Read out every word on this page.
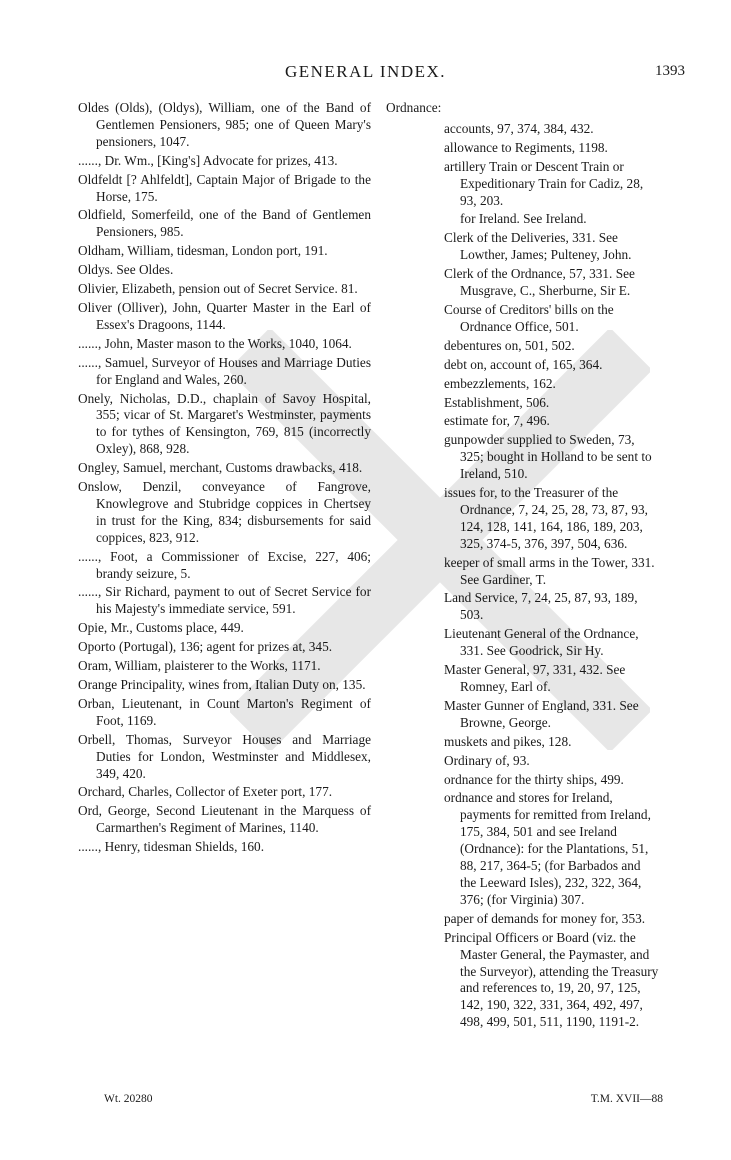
GENERAL INDEX.	1393

Oldes (Olds), (Oldys), William, one of the Band of Gentlemen Pensioners, 985; one of Queen Mary's pensioners, 1047.

......, Dr. Wm., [King's] Advocate for prizes, 413.

Oldfeldt [? Ahlfeldt], Captain Major of Brigade to the Horse, 175.

Oldfield, Somerfeild, one of the Band of Gentlemen Pensioners, 985.

Oldham, William, tidesman, London port, 191.

Oldys. See Oldes.

Olivier, Elizabeth, pension out of Secret Service. 81.

Oliver (Olliver), John, Quarter Master in the Earl of Essex's Dragoons, 1144.

......, John, Master mason to the Works, 1040, 1064.

......, Samuel, Surveyor of Houses and Marriage Duties for England and Wales, 260.

Onely, Nicholas, D.D., chaplain of Savoy Hospital, 355; vicar of St. Margaret's Westminster, payments to for tythes of Kensington, 769, 815 (incorrectly Oxley), 868, 928.

Ongley, Samuel, merchant, Customs drawbacks, 418.

Onslow, Denzil, conveyance of Fangrove, Knowlegrove and Stubridge coppices in Chertsey in trust for the King, 834; disbursements for said coppices, 823, 912.

......, Foot, a Commissioner of Excise, 227, 406; brandy seizure, 5.

......, Sir Richard, payment to out of Secret Service for his Majesty's immediate service, 591.

Opie, Mr., Customs place, 449.

Oporto (Portugal), 136; agent for prizes at, 345.

Oram, William, plaisterer to the Works, 1171.

Orange Principality, wines from, Italian Duty on, 135.

Orban, Lieutenant, in Count Marton's Regiment of Foot, 1169.

Orbell, Thomas, Surveyor Houses and Marriage Duties for London, Westminster and Middlesex, 349, 420.

Orchard, Charles, Collector of Exeter port, 177.

Ord, George, Second Lieutenant in the Marquess of Carmarthen's Regiment of Marines, 1140.

......, Henry, tidesman Shields, 160.

Ordnance:

accounts, 97, 374, 384, 432.

allowance to Regiments, 1198.

artillery Train or Descent Train or Expeditionary Train for Cadiz, 28, 93, 203.

for Ireland. See Ireland.

Clerk of the Deliveries, 331. See Lowther, James; Pulteney, John.

Clerk of the Ordnance, 57, 331. See Musgrave, C., Sherburne, Sir E.

Course of Creditors' bills on the Ordnance Office, 501.

debentures on, 501, 502.

debt on, account of, 165, 364.

embezzlements, 162.

Establishment, 506.

estimate for, 7, 496.

gunpowder supplied to Sweden, 73, 325; bought in Holland to be sent to Ireland, 510.

issues for, to the Treasurer of the Ordnance, 7, 24, 25, 28, 73, 87, 93, 124, 128, 141, 164, 186, 189, 203, 325, 374-5, 376, 397, 504, 636.

keeper of small arms in the Tower, 331. See Gardiner, T.

Land Service, 7, 24, 25, 87, 93, 189, 503.

Lieutenant General of the Ordnance, 331. See Goodrick, Sir Hy.

Master General, 97, 331, 432. See Romney, Earl of.

Master Gunner of England, 331. See Browne, George.

muskets and pikes, 128.

Ordinary of, 93.

ordnance for the thirty ships, 499.

ordnance and stores for Ireland, payments for remitted from Ireland, 175, 384, 501 and see Ireland (Ordnance): for the Plantations, 51, 88, 217, 364-5; (for Barbados and the Leeward Isles), 232, 322, 364, 376; (for Virginia) 307.

paper of demands for money for, 353.

Principal Officers or Board (viz. the Master General, the Paymaster, and the Surveyor), attending the Treasury and references to, 19, 20, 97, 125, 142, 190, 322, 331, 364, 492, 497, 498, 499, 501, 511, 1190, 1191-2.

Wt. 20280	T.M. XVII—88
